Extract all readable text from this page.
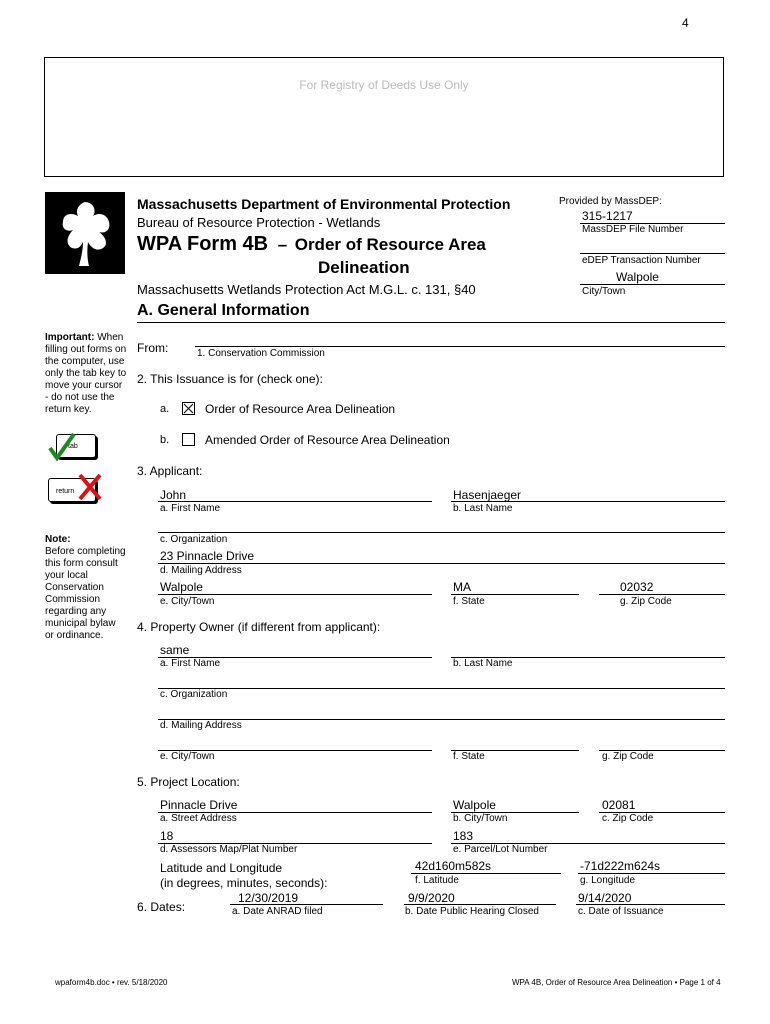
4
For Registry of Deeds Use Only
Massachusetts Department of Environmental Protection
Bureau of Resource Protection - Wetlands
WPA Form 4B – Order of Resource Area
Delineation
Massachusetts Wetlands Protection Act M.G.L. c. 131, §40
Provided by MassDEP:
315-1217
MassDEP File Number
eDEP Transaction Number
Walpole
City/Town
A. General Information
Important: When filling out forms on the computer, use only the tab key to move your cursor - do not use the return key.
tab
return
Note:
Before completing this form consult your local Conservation Commission regarding any municipal bylaw or ordinance.
From:	1. Conservation Commission
2. This Issuance is for (check one):
a.	Order of Resource Area Delineation
b.	Amended Order of Resource Area Delineation
3. Applicant:
John
a. First Name
Hasenjaeger
b. Last Name
c. Organization
23 Pinnacle Drive
d. Mailing Address
Walpole
e. City/Town
MA
f. State
02032
g. Zip Code
4. Property Owner (if different from applicant):
same
a. First Name	b. Last Name
c. Organization
d. Mailing Address
e. City/Town	f. State	g. Zip Code
5. Project Location:
Pinnacle Drive
a. Street Address
Walpole
b. City/Town
02081
c. Zip Code
18
d. Assessors Map/Plat Number
183
e. Parcel/Lot Number
Latitude and Longitude
(in degrees, minutes, seconds):
42d160m582s
f. Latitude
-71d222m624s
g. Longitude
6. Dates:
12/30/2019
a. Date ANRAD filed
9/9/2020
b. Date Public Hearing Closed
9/14/2020
c. Date of Issuance
wpaform4b.doc • rev. 5/18/2020	WPA 4B, Order of Resource Area Delineation • Page 1 of 4
